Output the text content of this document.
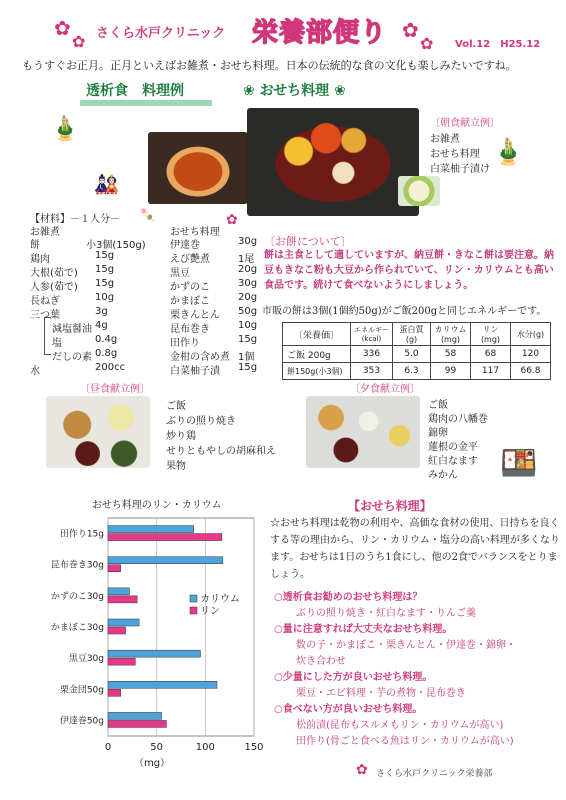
✿
✿ さくら水戸クリニック 栄養部便り ✿
✿ Vol.12　H25.12
もうすぐお正月。正月といえばお雑煮・おせち料理。日本の伝統的な食の文化も楽しみたいですね。
透析食　料理例	❀ おせち料理 ❀
🎍
🎎
🎍
〔朝食献立例〕
お雑煮
おせち料理
白菜柚子漬け
【材料】－１人分－ 🍡
お雑煮
餅	小3個(150g)
鶏肉	15g
大根(茹で) 15g
人参(茹で) 15g
長ねぎ	10g
三つ葉	3g
減塩醤油 4g
塩	0.4g
だしの素 0.8g
水	200cc
おせち料理
✿
伊達巻	30g
えび艶煮	1尾
黒豆	20g
かずのこ	30g
かまぼこ	20g
栗きんとん 50g
昆布巻き	10g
田作り	15g
金柑の含め煮 1個
白菜柚子漬 15g
〔お餅について〕
餅は主食として適していますが、納豆餅・きなこ餅は要注意。納豆もきなこ粉も大豆から作られていて、リン・カリウムとも高い食品です。続けて食べないようにしましょう。
市販の餅は3個(1個約50g)がご飯200gと同じエネルギーです。
〔栄養価〕	エネルギー(kcal)	蛋白質(g)	カリウム(mg)	リン(mg)	水分(g)
ご飯 200g	336	5.0	58	68	120
餅150g(小3個)	353	6.3	99	117	66.8
〔昼食献立例〕
ご飯
ぶりの照り焼き
炒り鶏
せりともやしの胡麻和え
果物
〔夕食献立例〕
ご飯
鶏肉の八幡巻
錦卵
蓮根の金平
紅白なます
みかん 🍱
おせち料理のリン・カリウム
0	50	100	150
（mg）
田作り15g
昆布巻き30g
かずのこ30g
かまぼこ30g
黒豆30g
栗金団50g
伊達巻50g
カリウム
リン
【おせち料理】
☆おせち料理は乾物の利用や、高価な食材の使用、日持ちを良くする等の理由から、リン・カリウム・塩分の高い料理が多くなります。おせちは1日のうち1食にし、他の2食でバランスをとりましょう。
○透析食お勧めのおせち料理は？
ぶりの照り焼き・紅白なます・りんご羹
○量に注意すれば大丈夫なおせち料理。
数の子・かまぼこ・栗きんとん・伊達巻・錦卵・
炊き合わせ
○少量にした方が良いおせち料理。
栗豆・エビ料理・芋の煮物・昆布巻き
○食べない方が良いおせち料理。
松前漬(昆布もスルメもリン・カリウムが高い)
田作り(骨ごと食べる魚はリン・カリウムが高い)
✿ さくら水戸クリニック栄養部
